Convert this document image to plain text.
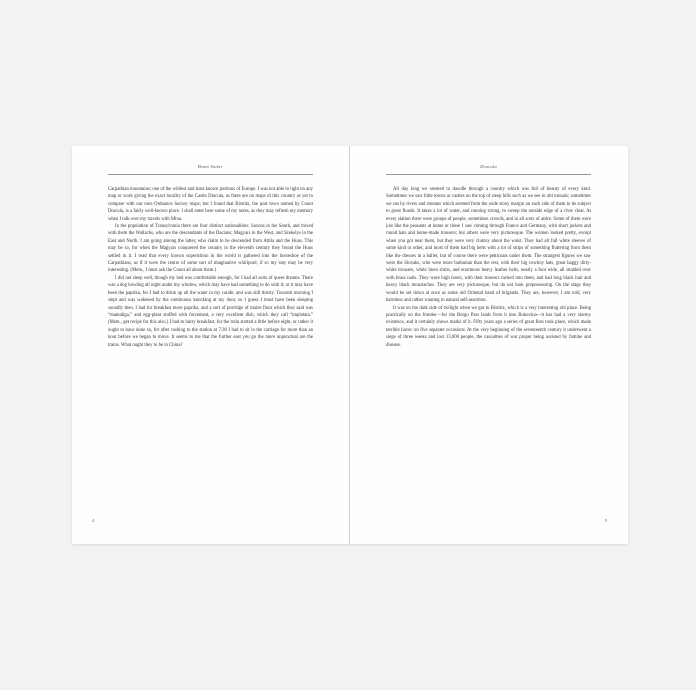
Bram Stoker

Carpathian mountains; one of the wildest and least known portions of Europe. I was not able to light on any map or work giving the exact locality of the Castle Dracula, as there are no maps of this country as yet to compare with our own Ordnance Survey maps; but I found that Bistritz, the post town named by Count Dracula, is a fairly well-known place. I shall enter here some of my notes, as they may refresh my memory when I talk over my travels with Mina.

In the population of Transylvania there are four distinct nationalities: Saxons in the South, and mixed with them the Wallachs, who are the descendants of the Dacians; Magyars in the West, and Szekelys in the East and North. I am going among the latter, who claim to be descended from Attila and the Huns. This may be so, for when the Magyars conquered the country in the eleventh century they found the Huns settled in it. I read that every known superstition in the world is gathered into the horseshoe of the Carpathians, as if it were the centre of some sort of imaginative whirlpool; if so my stay may be very interesting. (Mem., I must ask the Count all about them.)

I did not sleep well, though my bed was comfortable enough, for I had all sorts of queer dreams. There was a dog howling all night under my window, which may have had something to do with it; or it may have been the paprika, for I had to drink up all the water in my carafe, and was still thirsty. Towards morning I slept and was wakened by the continuous knocking at my door, so I guess I must have been sleeping soundly then. I had for breakfast more paprika, and a sort of porridge of maize flour which they said was “mamaliga,” and egg-plant stuffed with forcemeat, a very excellent dish, which they call “impletata.” (Mem., get recipe for this also.) I had to hurry breakfast, for the train started a little before eight, or rather it ought to have done so, for after rushing to the station at 7:30 I had to sit in the carriage for more than an hour before we began to move. It seems to me that the further east you go the more unpunctual are the trains. What ought they to be in China?

4
Dracula

All day long we seemed to dawdle through a country which was full of beauty of every kind. Sometimes we saw little towns or castles on the top of steep hills such as we see in old missals; sometimes we ran by rivers and streams which seemed from the wide stony margin on each side of them to be subject to great floods. It takes a lot of water, and running strong, to sweep the outside edge of a river clear. At every station there were groups of people, sometimes crowds, and in all sorts of attire. Some of them were just like the peasants at home or those I saw coming through France and Germany, with short jackets and round hats and home-made trousers; but others were very picturesque. The women looked pretty, except when you got near them, but they were very clumsy about the waist. They had all full white sleeves of some kind or other, and most of them had big belts with a lot of strips of something fluttering from them like the dresses in a ballet, but of course there were petticoats under them. The strangest figures we saw were the Slovaks, who were more barbarian than the rest, with their big cowboy hats, great baggy dirty-white trousers, white linen shirts, and enormous heavy leather belts, nearly a foot wide, all studded over with brass nails. They wore high boots, with their trousers tucked into them, and had long black hair and heavy black moustaches. They are very picturesque, but do not look prepossessing. On the stage they would be set down at once as some old Oriental band of brigands. They are, however, I am told, very harmless and rather wanting in natural self-assertion.

It was on the dark side of twilight when we got to Bistritz, which is a very interesting old place. Being practically on the frontier—for the Borgo Pass leads from it into Bukovina—it has had a very stormy existence, and it certainly shows marks of it. Fifty years ago a series of great fires took place, which made terrible havoc on five separate occasions. At the very beginning of the seventeenth century it underwent a siege of three weeks and lost 13,000 people, the casualties of war proper being assisted by famine and disease.

5
